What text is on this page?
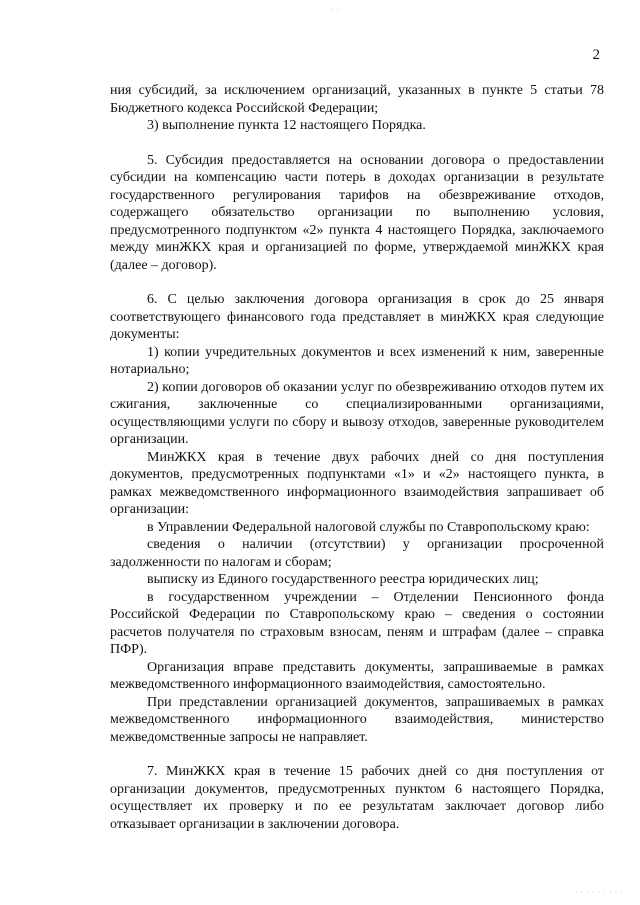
· ·
2

ния субсидий, за исключением организаций, указанных в пункте 5 статьи 78 Бюджетного кодекса Российской Федерации;

3) выполнение пункта 12 настоящего Порядка.

5. Субсидия предоставляется на основании договора о предоставлении субсидии на компенсацию части потерь в доходах организации в результате государственного регулирования тарифов на обезвреживание отходов, содержащего обязательство организации по выполнению условия, предусмотренного подпунктом «2» пункта 4 настоящего Порядка, заключаемого между минЖКХ края и организацией по форме, утверждаемой минЖКХ края (далее – договор).

6. С целью заключения договора организация в срок до 25 января соответствующего финансового года представляет в минЖКХ края следующие документы:

1) копии учредительных документов и всех изменений к ним, заверенные нотариально;

2) копии договоров об оказании услуг по обезвреживанию отходов путем их сжигания, заключенные со специализированными организациями, осуществляющими услуги по сбору и вывозу отходов, заверенные руководителем организации.

МинЖКХ края в течение двух рабочих дней со дня поступления документов, предусмотренных подпунктами «1» и «2» настоящего пункта, в рамках межведомственного информационного взаимодействия запрашивает об организации:

в Управлении Федеральной налоговой службы по Ставропольскому краю:

сведения о наличии (отсутствии) у организации просроченной задолженности по налогам и сборам;

выписку из Единого государственного реестра юридических лиц;

в государственном учреждении – Отделении Пенсионного фонда Российской Федерации по Ставропольскому краю – сведения о состоянии расчетов получателя по страховым взносам, пеням и штрафам (далее – справка ПФР).

Организация вправе представить документы, запрашиваемые в рамках межведомственного информационного взаимодействия, самостоятельно.

При представлении организацией документов, запрашиваемых в рамках межведомственного информационного взаимодействия, министерство межведомственные запросы не направляет.

7. МинЖКХ края в течение 15 рабочих дней со дня поступления от организации документов, предусмотренных пунктом 6 настоящего Порядка, осуществляет их проверку и по ее результатам заключает договор либо отказывает организации в заключении договора.

·········
